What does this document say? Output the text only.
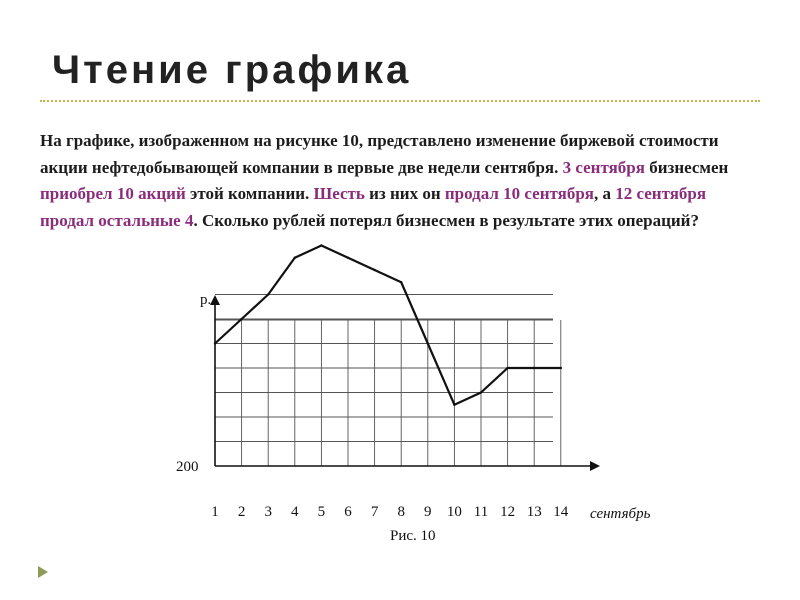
Чтение графика

На графике, изображенном на рисунке 10, представлено изменение биржевой стоимости акции нефтедобывающей компании в первые две недели сентября. 3 сентября бизнесмен приобрел 10 акций этой компании. Шесть из них он продал 10 сентября, а 12 сентября продал остальные 4. Сколько рублей потерял бизнесмен в результате этих операций?

р.
200
1 2 3 4 5 6 7 8 9 10 11 12 13 14 сентябрь
Рис. 10
